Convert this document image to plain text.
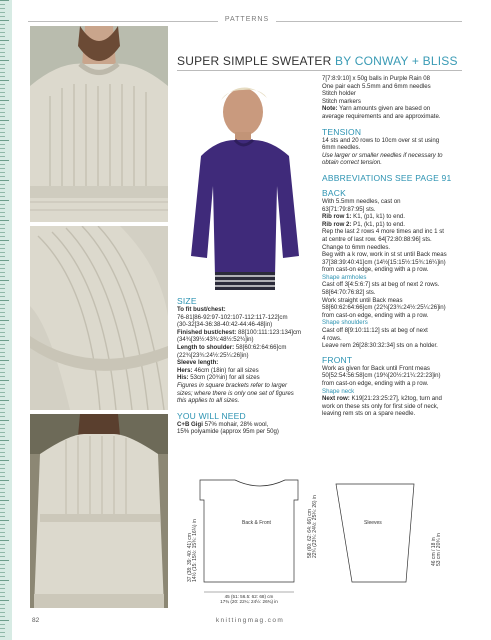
PATTERNS
SUPER SIMPLE SWEATER BY CONWAY + BLISS

SIZE

To fit bust/chest:

76-81[86-92:97-102:107-112:117-122]cm

(30-32[34-36:38-40:42-44:46-48]in)

Finished bust/chest: 88[100:111:123:134]cm

(34¾[39½:43¾:48½:52¾]in)

Length to shoulder: 58[60:62:64:66]cm

(22¾[23¾:24½:25¼:26]in)

Sleeve length:

Hers: 46cm (18in) for all sizes

His: 53cm (20¾in) for all sizes

Figures in square brackets refer to larger

sizes; where there is only one set of figures

this applies to all sizes.

YOU WILL NEED

C+B Gigi 57% mohair, 28% wool,

15% polyamide (approx 95m per 50g)

7[7:8:9:10] x 50g balls in Purple Rain 08

One pair each 5.5mm and 6mm needles

Stitch holder

Stitch markers

Note: Yarn amounts given are based on

average requirements and are approximate.

TENSION

14 sts and 20 rows to 10cm over st st using

6mm needles.

Use larger or smaller needles if necessary to

obtain correct tension.

ABBREVIATIONS SEE PAGE 91

BACK

With 5.5mm needles, cast on

63[71:79:87:95] sts.

Rib row 1: K1, (p1, k1) to end.

Rib row 2: P1, (k1, p1) to end.

Rep the last 2 rows 4 more times and inc 1 st

at centre of last row. 64[72:80:88:96] sts.

Change to 6mm needles.

Beg with a k row, work in st st until Back meas

37[38:39:40:41]cm (14½[15:15½:15¾:16¼]in)

from cast-on edge, ending with a p row.

Shape armholes

Cast off 3[4:5:6:7] sts at beg of next 2 rows.

58[64:70:76:82] sts.

Work straight until Back meas

58[60:62:64:66]cm (22¾[23¾:24½:25¼:26]in)

from cast-on edge, ending with a p row.

Shape shoulders

Cast off 8[9:10:11:12] sts at beg of next

4 rows.

Leave rem 26[28:30:32:34] sts on a holder.

FRONT

Work as given for Back until Front meas

50[52:54:56:58]cm (19¾[20½:21¼:22:23]in)

from cast-on edge, ending with a p row.

Shape neck

Next row: K19[21:23:25:27], k2tog, turn and

work on these sts only for first side of neck,

leaving rem sts on a spare needle.

Back & Front
45 (51: 56.5: 62: 68) cm
17¾ (20: 22¼: 24½: 26¾) in
37 (38: 39: 40: 41) cm 14½ (15: 15½: 15¾: 16¼) in	58 (60: 62: 64: 66) cm 22¾ (23¾: 24½: 25¼: 26) in	Sleeves
46 cm / 18 in 53 cm / 20¾ in
82	knittingmag.com
